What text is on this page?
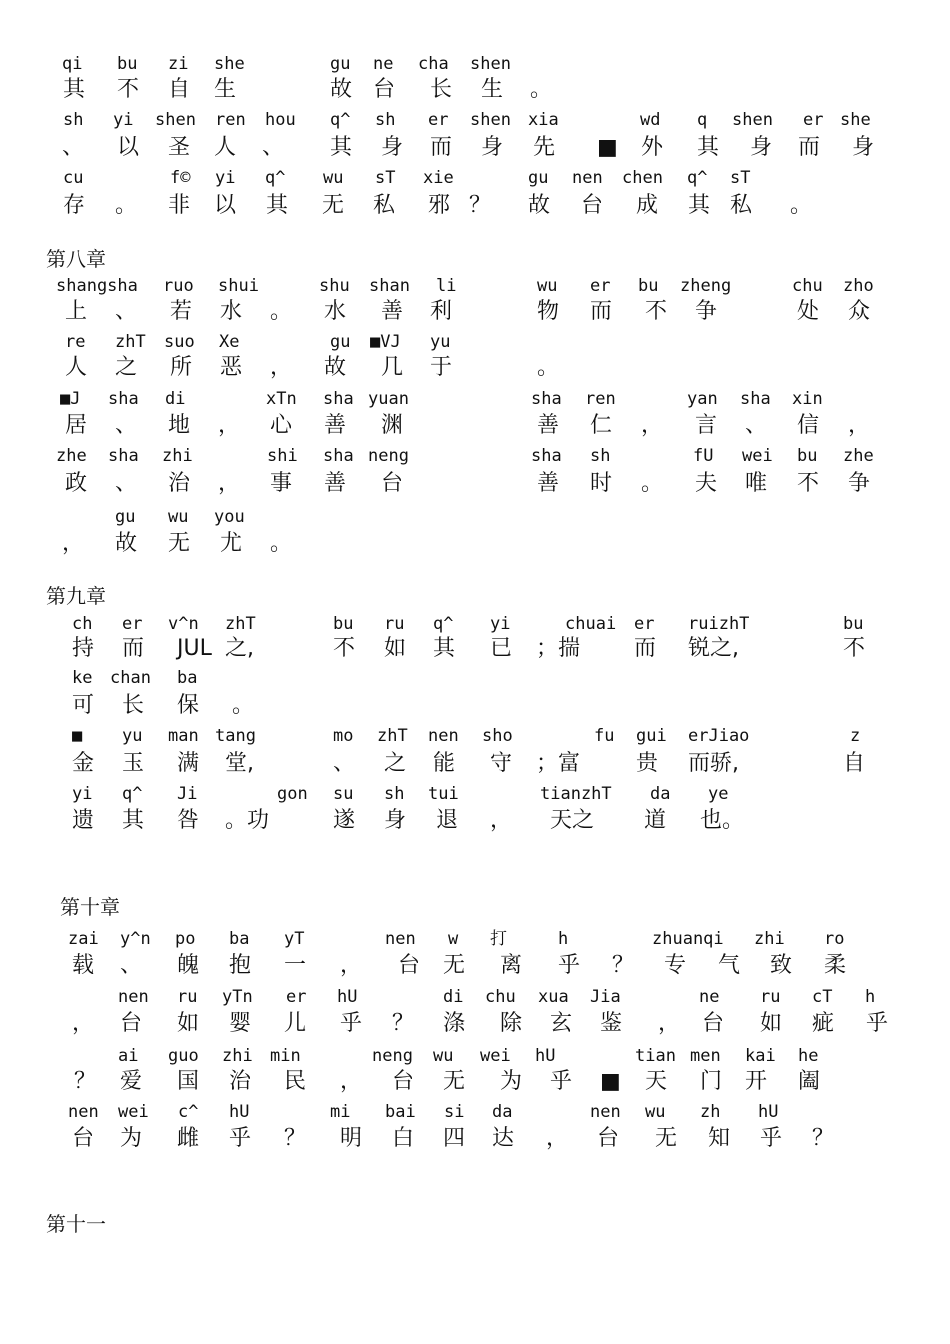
qi bu zi she	gu ne cha shen
其 不 自 生	故 台 长 生 。
sh yi shen ren hou q^ sh er shen xia	wd q shen er she
、 以 圣 人 、 其 身 而 身 先 ■ 外 其 身 而 身
cu	f© yi q^ wu sT xie	gu nen chen q^ sT
存 。 非 以 其 无 私 邪 ？ 故 台 成 其 私 。
第八章
shangsha ruo shui	shu shan li	wu er bu zheng	chu zho
上 、 若 水 。 水 善 利	物 而 不 争	处 众
re zhT suo Xe	gu ■VJ yu
人 之 所 恶 ， 故 几 于	。
■J sha di	xTn sha yuan	sha ren	yan sha xin
居 、 地 ， 心 善 渊	善 仁 ， 言 、 信 ，
zhe sha zhi	shi sha neng	sha sh	fU wei bu zhe
政 、 治 ， 事 善 台	善 时 。 夫 唯 不 争
gu wu you
， 故 无 尤 。
第九章
ch er v^n zhT	bu ru q^ yi	chuai er ruizhT	bu
持 而 JUL 之,	不 如 其 已 ；揣 而 锐之,	不
ke chan ba
可 长 保 。
■ yu man tang	mo zhT nen sho	fu gui erJiao	z
金 玉 满 堂,	、 之 能 守 ；富	贵 而骄,	自
yi q^ Ji	gon su sh tui	tianzhT da ye
遗 其 咎 。功	遂 身 退 ， 天之 道 也。
第十章
zai y^n po ba yT	nen w 打	h	zhuanqi zhi ro
载 、 魄 抱 一 ， 台 无 离 乎 ？ 专 气 致 柔
nen ru yTn er hU	di chu xua Jia	ne ru cT h
， 台 如 婴 儿 乎 ？ 涤 除 玄 鉴 ， 台 如 疵 乎
ai guo zhi min	neng wu wei hU	tian men kai he
？ 爱 国 治 民 ， 台 无 为 乎 ■ 天 门 开 阖
nen wei c^ hU	mi bai si da	nen wu zh hU
台 为 雌 乎 ？ 明 白 四 达 ， 台 无 知 乎 ？
第十一
